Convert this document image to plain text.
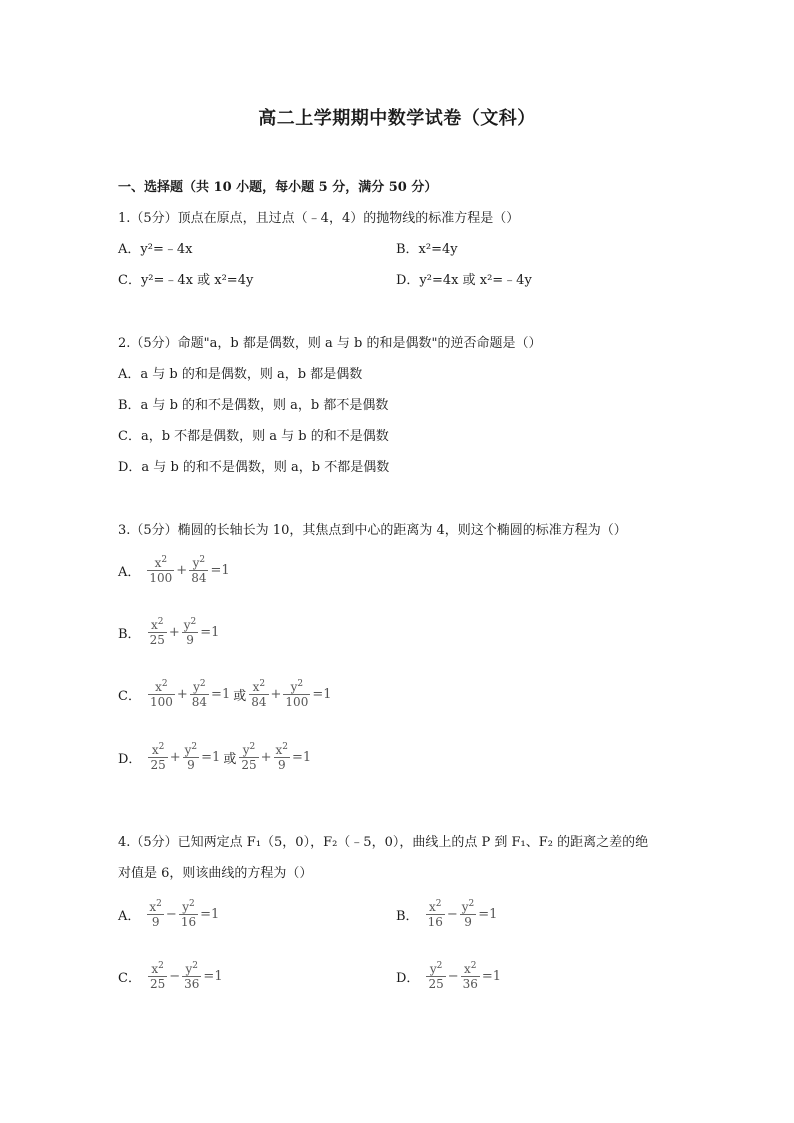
高二上学期期中数学试卷（文科）
一、选择题（共 10 小题，每小题 5 分，满分 50 分）
1.（5分）顶点在原点，且过点（﹣4，4）的抛物线的标准方程是（）
A．y²=﹣4x	B．x²=4y
C．y²=﹣4x 或 x²=4y	D．y²=4x 或 x²=﹣4y
2.（5分）命题"a，b 都是偶数，则 a 与 b 的和是偶数"的逆否命题是（）
A．a 与 b 的和是偶数，则 a，b 都是偶数
B．a 与 b 的和不是偶数，则 a，b 都不是偶数
C．a，b 不都是偶数，则 a 与 b 的和不是偶数
D．a 与 b 的和不是偶数，则 a，b 不都是偶数
3.（5分）椭圆的长轴长为 10，其焦点到中心的距离为 4，则这个椭圆的标准方程为（）
A． $\frac{x^2}{100} + \frac{y^2}{84} =1$
B． $\frac{x^2}{25} + \frac{y^2}{9} =1$
C． $\frac{x^2}{100} + \frac{y^2}{84} =1$ 或 $\frac{x^2}{84} + \frac{y^2}{100} =1$
D． $\frac{x^2}{25} + \frac{y^2}{9} =1$ 或 $\frac{y^2}{25} + \frac{x^2}{9} =1$
4.（5分）已知两定点 F₁（5，0），F₂（﹣5，0），曲线上的点 P 到 F₁、F₂ 的距离之差的绝
对值是 6，则该曲线的方程为（）
A． $\frac{x^2}{9} - \frac{y^2}{16} =1$	B． $\frac{x^2}{16} - \frac{y^2}{9} =1$
C． $\frac{x^2}{25} - \frac{y^2}{36} =1$	D． $\frac{y^2}{25} - \frac{x^2}{36} =1$
